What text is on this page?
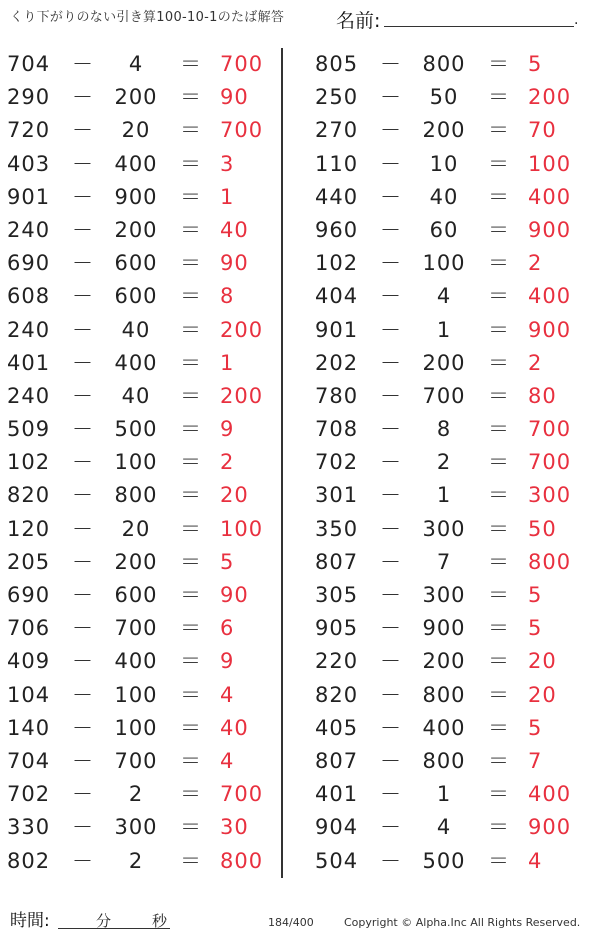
くり下がりのない引き算100-10-1のたば解答	名前:	.
704 －	4	＝ 700
290 － 200	＝ 90
720 －	20	＝ 700
403 － 400	＝ 3
901 － 900	＝ 1
240 － 200	＝ 40
690 － 600	＝ 90
608 － 600	＝ 8
240 －	40	＝ 200
401 － 400	＝ 1
240 －	40	＝ 200
509 － 500	＝ 9
102 － 100	＝ 2
820 － 800	＝ 20
120 －	20	＝ 100
205 － 200	＝ 5
690 － 600	＝ 90
706 － 700	＝ 6
409 － 400	＝ 9
104 － 100	＝ 4
140 － 100	＝ 40
704 － 700	＝ 4
702 －	2	＝ 700
330 － 300	＝ 30
802 －	2	＝ 800
805 － 800	＝ 5
250 －	50	＝ 200
270 － 200	＝ 70
110 －	10	＝ 100
440 －	40	＝ 400
960 －	60	＝ 900
102 － 100	＝ 2
404 －	4	＝ 400
901 －	1	＝ 900
202 － 200	＝ 2
780 － 700	＝ 80
708 －	8	＝ 700
702 －	2	＝ 700
301 －	1	＝ 300
350 － 300	＝ 50
807 －	7	＝ 800
305 － 300	＝ 5
905 － 900	＝ 5
220 － 200	＝ 20
820 － 800	＝ 20
405 － 400	＝ 5
807 － 800	＝ 7
401 －	1	＝ 400
904 －	4	＝ 900
504 － 500	＝ 4
時間:	分	秒	184/400	Copyright © Alpha.Inc All Rights Reserved.
